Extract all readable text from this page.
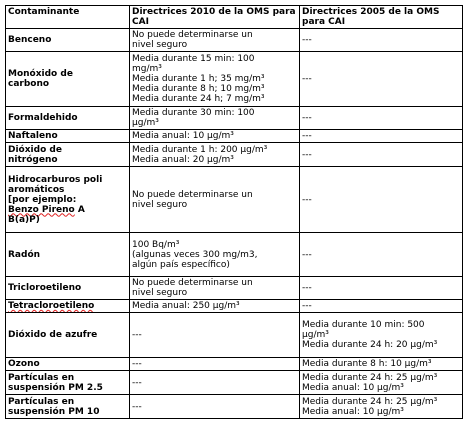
Contaminante	Directrices 2010 de la OMS para CAI	Directrices 2005 de la OMS para CAI

Benceno	No puede determinarse un
nivel seguro	---

Monóxido de
carbono	Media durante 15 min: 100
mg/m³
Media durante 1 h; 35 mg/m³
Media durante 8 h; 10 mg/m³
Media durante 24 h; 7 mg/m³	---

Formaldehido	Media durante 30 min: 100
µg/m³	---

Naftaleno	Media anual: 10 µg/m³	---

Dióxido de
nitrógeno	Media durante 1 h: 200 µg/m³
Media anual: 20 µg/m³	---

Hidrocarburos poli
aromáticos
[por ejemplo:
Benzo Pireno A
B(a)P)	No puede determinarse un
nivel seguro	---

Radón	100 Bq/m³
(algunas veces 300 mg/m3,
algún país específico)	---

Tricloroetileno	No puede determinarse un
nivel seguro	---

Tetracloroetileno	Media anual: 250 µg/m³	---

Dióxido de azufre	---	Media durante 10 min: 500
µg/m³
Media durante 24 h: 20 µg/m³

Ozono	---	Media durante 8 h: 10 µg/m³

Partículas en
suspensión PM 2.5	---	Media durante 24 h: 25 µg/m³
Media anual: 10 µg/m³

Partículas en
suspensión PM 10	---	Media durante 24 h: 25 µg/m³
Media anual: 10 µg/m³
